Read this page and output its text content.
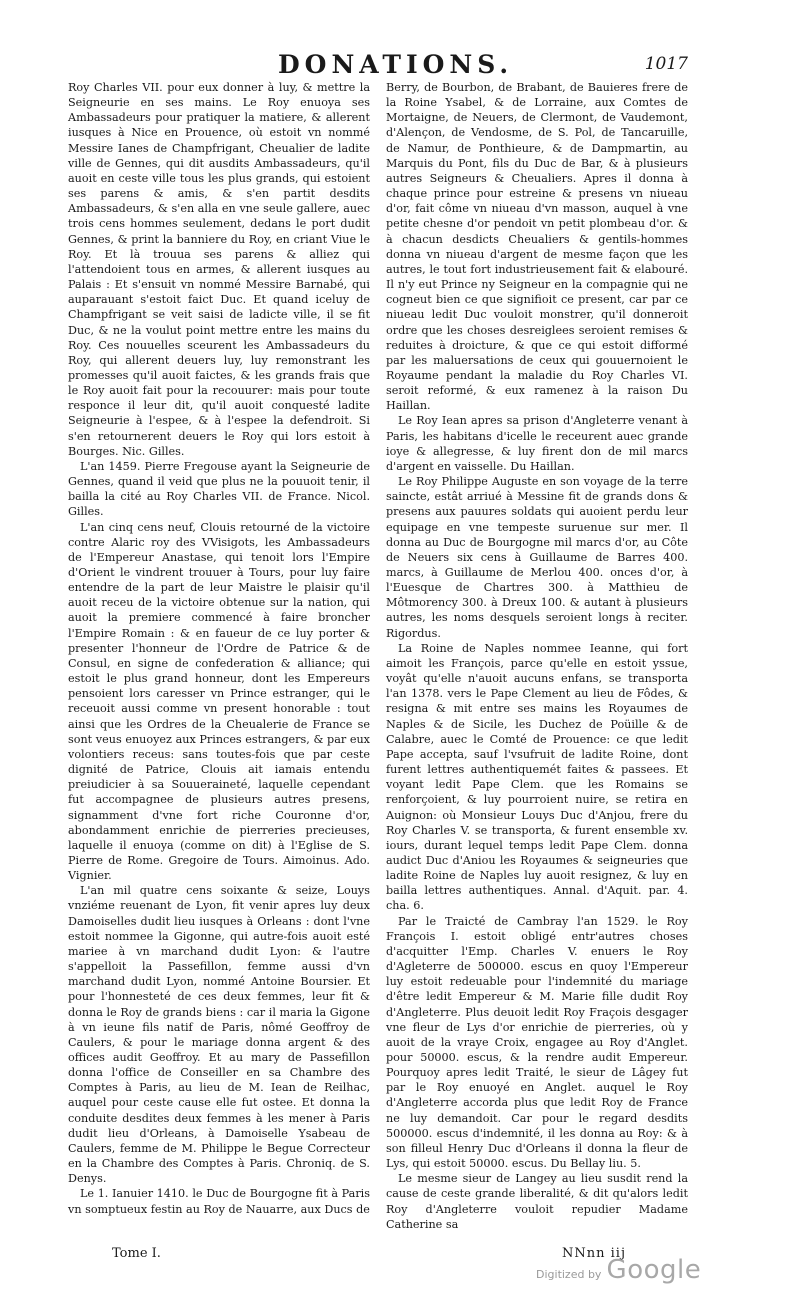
DONATIONS.	1017

Roy Charles VII. pour eux donner à luy, & mettre la Seigneurie en ses mains. Le Roy enuoya ses Ambassadeurs pour pratiquer la matiere, & allerent iusques à Nice en Prouence, où estoit vn nommé Messire Ianes de Champfrigant, Cheualier de ladite ville de Gennes, qui dit ausdits Ambassadeurs, qu'il auoit en ceste ville tous les plus grands, qui estoient ses parens & amis, & s'en partit desdits Ambassadeurs, & s'en alla en vne seule gallere, auec trois cens hommes seulement, dedans le port dudit Gennes, & print la banniere du Roy, en criant Viue le Roy. Et là trouua ses parens & alliez qui l'attendoient tous en armes, & allerent iusques au Palais : Et s'ensuit vn nommé Messire Barnabé, qui auparauant s'estoit faict Duc. Et quand iceluy de Champfrigant se veit saisi de ladicte ville, il se fit Duc, & ne la voulut point mettre entre les mains du Roy. Ces nouuelles sceurent les Ambassadeurs du Roy, qui allerent deuers luy, luy remonstrant les promesses qu'il auoit faictes, & les grands frais que le Roy auoit fait pour la recouurer: mais pour toute responce il leur dit, qu'il auoit conquesté ladite Seigneurie à l'espee, & à l'espee la defendroit. Si s'en retournerent deuers le Roy qui lors estoit à Bourges. Nic. Gilles.

L'an 1459. Pierre Fregouse ayant la Seigneurie de Gennes, quand il veid que plus ne la pouuoit tenir, il bailla la cité au Roy Charles VII. de France. Nicol. Gilles.

L'an cinq cens neuf, Clouis retourné de la victoire contre Alaric roy des VVisigots, les Ambassadeurs de l'Empereur Anastase, qui tenoit lors l'Empire d'Orient le vindrent trouuer à Tours, pour luy faire entendre de la part de leur Maistre le plaisir qu'il auoit receu de la victoire obtenue sur la nation, qui auoit la premiere commencé à faire broncher l'Empire Romain : & en faueur de ce luy porter & presenter l'honneur de l'Ordre de Patrice & de Consul, en signe de confederation & alliance; qui estoit le plus grand honneur, dont les Empereurs pensoient lors caresser vn Prince estranger, qui le receuoit aussi comme vn present honorable : tout ainsi que les Ordres de la Cheualerie de France se sont veus enuoyez aux Princes estrangers, & par eux volontiers receus: sans toutes-fois que par ceste dignité de Patrice, Clouis ait iamais entendu preiudicier à sa Souueraineté, laquelle cependant fut accompagnee de plusieurs autres presens, signamment d'vne fort riche Couronne d'or, abondamment enrichie de pierreries precieuses, laquelle il enuoya (comme on dit) à l'Eglise de S. Pierre de Rome. Gregoire de Tours. Aimoinus. Ado. Vignier.

L'an mil quatre cens soixante & seize, Louys vnziéme reuenant de Lyon, fit venir apres luy deux Damoiselles dudit lieu iusques à Orleans : dont l'vne estoit nommee la Gigonne, qui autre-fois auoit esté mariee à vn marchand dudit Lyon: & l'autre s'appelloit la Passefillon, femme aussi d'vn marchand dudit Lyon, nommé Antoine Boursier. Et pour l'honnesteté de ces deux femmes, leur fit & donna le Roy de grands biens : car il maria la Gigone à vn ieune fils natif de Paris, nômé Geoffroy de Caulers, & pour le mariage donna argent & des offices audit Geoffroy. Et au mary de Passefillon donna l'office de Conseiller en sa Chambre des Comptes à Paris, au lieu de M. Iean de Reilhac, auquel pour ceste cause elle fut ostee. Et donna la conduite desdites deux femmes à les mener à Paris dudit lieu d'Orleans, à Damoiselle Ysabeau de Caulers, femme de M. Philippe le Begue Correcteur en la Chambre des Comptes à Paris. Chroniq. de S. Denys.

Le 1. Ianuier 1410. le Duc de Bourgogne fit à Paris vn somptueux festin au Roy de Nauarre, aux Ducs de

Berry, de Bourbon, de Brabant, de Bauieres frere de la Roine Ysabel, & de Lorraine, aux Comtes de Mortaigne, de Neuers, de Clermont, de Vaudemont, d'Alençon, de Vendosme, de S. Pol, de Tancaruille, de Namur, de Ponthieure, & de Dampmartin, au Marquis du Pont, fils du Duc de Bar, & à plusieurs autres Seigneurs & Cheualiers. Apres il donna à chaque prince pour estreine & presens vn niueau d'or, fait côme vn niueau d'vn masson, auquel à vne petite chesne d'or pendoit vn petit plombeau d'or. & à chacun desdicts Cheualiers & gentils-hommes donna vn niueau d'argent de mesme façon que les autres, le tout fort industrieusement fait & elabouré. Il n'y eut Prince ny Seigneur en la compagnie qui ne cogneut bien ce que signifioit ce present, car par ce niueau ledit Duc vouloit monstrer, qu'il donneroit ordre que les choses desreiglees seroient remises & reduites à droicture, & que ce qui estoit difformé par les maluersations de ceux qui gouuernoient le Royaume pendant la maladie du Roy Charles VI. seroit reformé, & eux ramenez à la raison Du Haillan.

Le Roy Iean apres sa prison d'Angleterre venant à Paris, les habitans d'icelle le receurent auec grande ioye & allegresse, & luy firent don de mil marcs d'argent en vaisselle. Du Haillan.

Le Roy Philippe Auguste en son voyage de la terre saincte, estât arriué à Messine fit de grands dons & presens aux pauures soldats qui auoient perdu leur equipage en vne tempeste suruenue sur mer. Il donna au Duc de Bourgogne mil marcs d'or, au Côte de Neuers six cens à Guillaume de Barres 400. marcs, à Guillaume de Merlou 400. onces d'or, à l'Euesque de Chartres 300. à Matthieu de Môtmorency 300. à Dreux 100. & autant à plusieurs autres, les noms desquels seroient longs à reciter. Rigordus.

La Roine de Naples nommee Ieanne, qui fort aimoit les François, parce qu'elle en estoit yssue, voyât qu'elle n'auoit aucuns enfans, se transporta l'an 1378. vers le Pape Clement au lieu de Fôdes, & resigna & mit entre ses mains les Royaumes de Naples & de Sicile, les Duchez de Poüille & de Calabre, auec le Comté de Prouence: ce que ledit Pape accepta, sauf l'vsufruit de ladite Roine, dont furent lettres authentiquemét faites & passees. Et voyant ledit Pape Clem. que les Romains se renforçoient, & luy pourroient nuire, se retira en Auignon: où Monsieur Louys Duc d'Anjou, frere du Roy Charles V. se transporta, & furent ensemble xv. iours, durant lequel temps ledit Pape Clem. donna audict Duc d'Aniou les Royaumes & seigneuries que ladite Roine de Naples luy auoit resignez, & luy en bailla lettres authentiques. Annal. d'Aquit. par. 4. cha. 6.

Par le Traicté de Cambray l'an 1529. le Roy François I. estoit obligé entr'autres choses d'acquitter l'Emp. Charles V. enuers le Roy d'Agleterre de 500000. escus en quoy l'Empereur luy estoit redeuable pour l'indemnité du mariage d'être ledit Empereur & M. Marie fille dudit Roy d'Angleterre. Plus deuoit ledit Roy Fraçois desgager vne fleur de Lys d'or enrichie de pierreries, où y auoit de la vraye Croix, engagee au Roy d'Anglet. pour 50000. escus, & la rendre audit Empereur. Pourquoy apres ledit Traité, le sieur de Lâgey fut par le Roy enuoyé en Anglet. auquel le Roy d'Angleterre accorda plus que ledit Roy de France ne luy demandoit. Car pour le regard desdits 500000. escus d'indemnité, il les donna au Roy: & à son filleul Henry Duc d'Orleans il donna la fleur de Lys, qui estoit 50000. escus. Du Bellay liu. 5.

Le mesme sieur de Langey au lieu susdit rend la cause de ceste grande liberalité, & dit qu'alors ledit Roy d'Angleterre vouloit repudier Madame Catherine sa

Tome I.	NNnn iij
Digitized by Google
